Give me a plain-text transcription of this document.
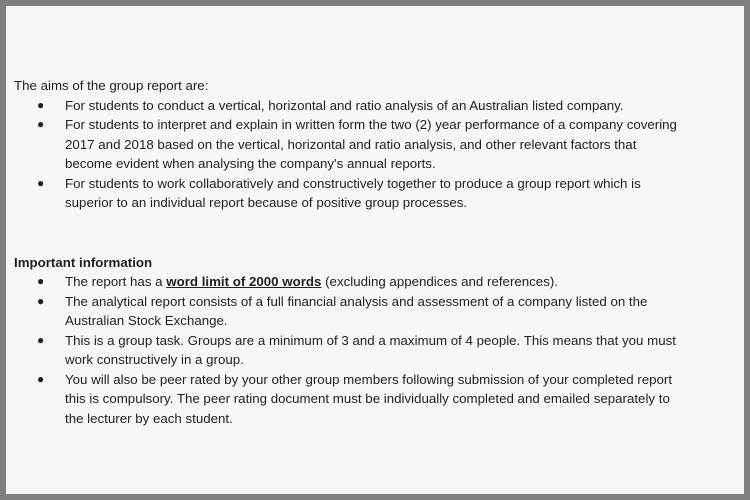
The aims of the group report are:

● For students to conduct a vertical, horizontal and ratio analysis of an Australian listed company.
● For students to interpret and explain in written form the two (2) year performance of a company covering
2017 and 2018 based on the vertical, horizontal and ratio analysis, and other relevant factors that
become evident when analysing the company's annual reports.
● For students to work collaboratively and constructively together to produce a group report which is
superior to an individual report because of positive group processes.

Important information

● The report has a word limit of 2000 words (excluding appendices and references).
● The analytical report consists of a full financial analysis and assessment of a company listed on the
Australian Stock Exchange.
● This is a group task. Groups are a minimum of 3 and a maximum of 4 people. This means that you must
work constructively in a group.
● You will also be peer rated by your other group members following submission of your completed report
this is compulsory. The peer rating document must be individually completed and emailed separately to
the lecturer by each student.
